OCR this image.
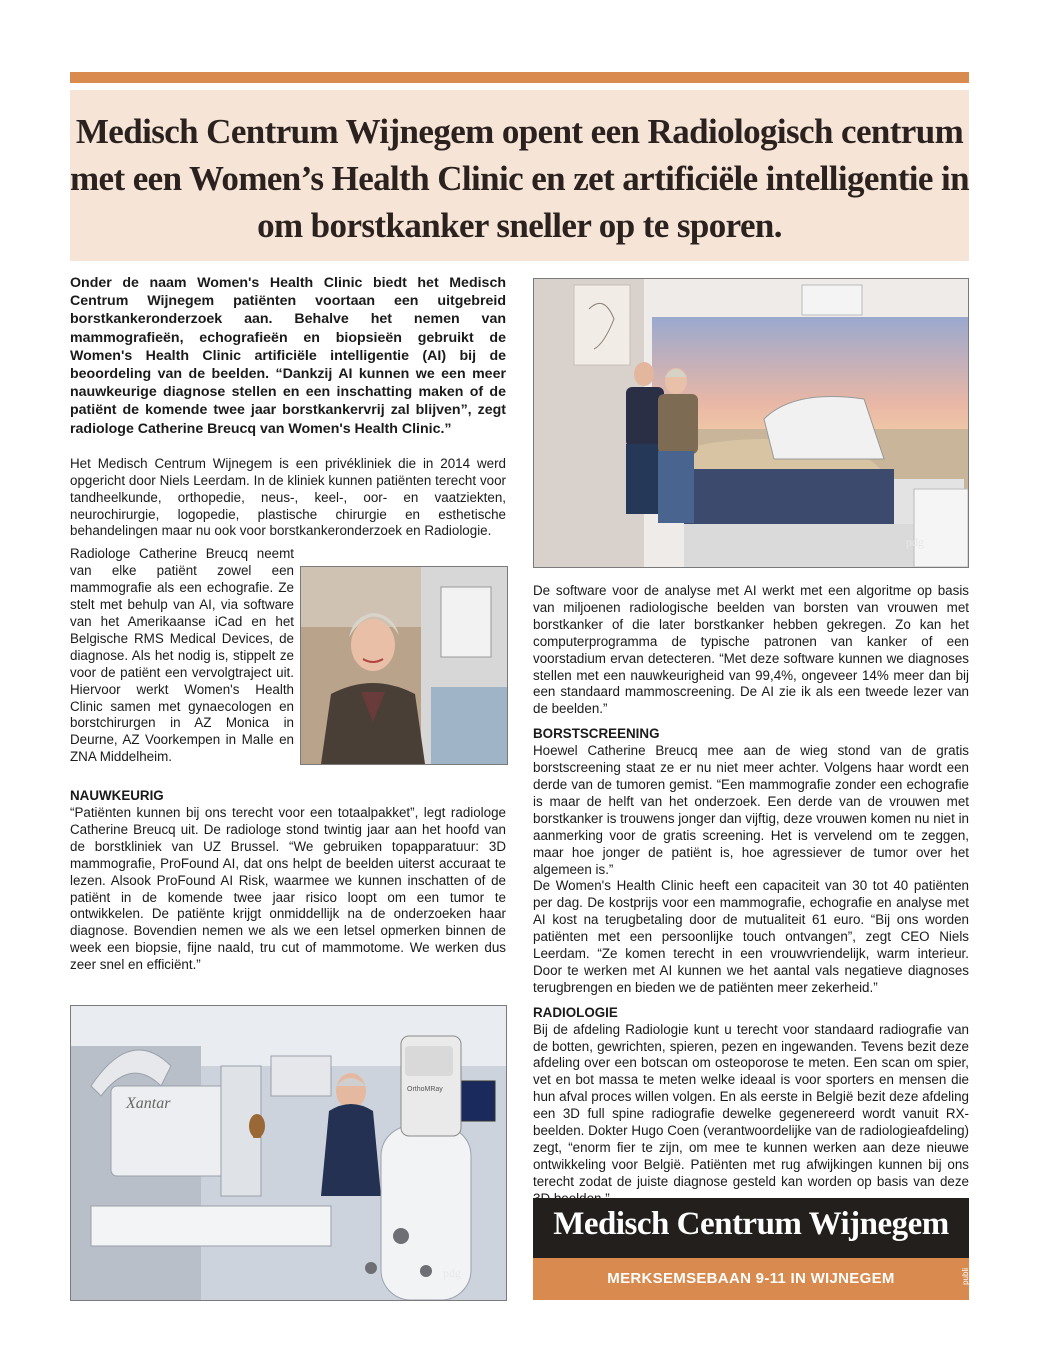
Medisch Centrum Wijnegem opent een Radiologisch centrum met een Women’s Health Clinic en zet artificiële intelligentie in om borstkanker sneller op te sporen.

Onder de naam Women's Health Clinic biedt het Medisch Centrum Wijnegem patiënten voortaan een uitgebreid borstkankeronderzoek aan. Behalve het nemen van mammografieën, echografieën en biopsieën gebruikt de Women's Health Clinic artificiële intelligentie (AI) bij de beoordeling van de beelden. “Dankzij AI kunnen we een meer nauwkeurige diagnose stellen en een inschatting maken of de patiënt de komende twee jaar borstkankervrij zal blijven”, zegt radiologe Catherine Breucq van Women's Health Clinic.”

Het Medisch Centrum Wijnegem is een privékliniek die in 2014 werd opgericht door Niels Leerdam. In de kliniek kunnen patiënten terecht voor tandheelkunde, orthopedie, neus-, keel-, oor- en vaatziekten, neurochirurgie, logopedie, plastische chirurgie en esthetische behandelingen maar nu ook voor borstkankeronderzoek en Radiologie.

Radiologe Catherine Breucq neemt van elke patiënt zowel een mammografie als een echografie. Ze stelt met behulp van AI, via software van het Amerikaanse iCad en het Belgische RMS Medical Devices, de diagnose. Als het nodig is, stippelt ze voor de patiënt een vervolgtraject uit. Hiervoor werkt Women's Health Clinic samen met gynaecologen en borstchirurgen in AZ Monica in Deurne, AZ Voorkempen in Malle en ZNA Middelheim.

NAUWKEURIG

“Patiënten kunnen bij ons terecht voor een totaalpakket”, legt radiologe Catherine Breucq uit. De radiologe stond twintig jaar aan het hoofd van de borstkliniek van UZ Brussel. “We gebruiken topapparatuur: 3D mammografie, ProFound AI, dat ons helpt de beelden uiterst accuraat te lezen. Alsook ProFound AI Risk, waarmee we kunnen inschatten of de patiënt in de komende twee jaar risico loopt om een tumor te ontwikkelen. De patiënte krijgt onmiddellijk na de onderzoeken haar diagnose. Bovendien nemen we als we een letsel opmerken binnen de week een biopsie, fijne naald, tru cut of mammotome. We werken dus zeer snel en efficiënt.”

De software voor de analyse met AI werkt met een algoritme op basis van miljoenen radiologische beelden van borsten van vrouwen met borstkanker of die later borstkanker hebben gekregen. Zo kan het computerprogramma de typische patronen van kanker of een voorstadium ervan detecteren. “Met deze software kunnen we diagnoses stellen met een nauwkeurigheid van 99,4%, ongeveer 14% meer dan bij een standaard mammoscreening. De AI zie ik als een tweede lezer van de beelden.”

BORSTSCREENING

Hoewel Catherine Breucq mee aan de wieg stond van de gratis borstscreening staat ze er nu niet meer achter. Volgens haar wordt een derde van de tumoren gemist. “Een mammografie zonder een echografie is maar de helft van het onderzoek. Een derde van de vrouwen met borstkanker is trouwens jonger dan vijftig, deze vrouwen komen nu niet in aanmerking voor de gratis screening. Het is vervelend om te zeggen, maar hoe jonger de patiënt is, hoe agressiever de tumor over het algemeen is.”

De Women's Health Clinic heeft een capaciteit van 30 tot 40 patiënten per dag. De kostprijs voor een mammografie, echografie en analyse met AI kost na terugbetaling door de mutualiteit 61 euro. “Bij ons worden patiënten met een persoonlijke touch ontvangen”, zegt CEO Niels Leerdam. “Ze komen terecht in een vrouwvriendelijk, warm interieur. Door te werken met AI kunnen we het aantal vals negatieve diagnoses terugbrengen en bieden we de patiënten meer zekerheid.”

RADIOLOGIE

Bij de afdeling Radiologie kunt u terecht voor standaard radiografie van de botten, gewrichten, spieren, pezen en ingewanden. Tevens bezit deze afdeling over een botscan om osteoporose te meten. Een scan om spier, vet en bot massa te meten welke ideaal is voor sporters en mensen die hun afval proces willen volgen. En als eerste in België bezit deze afdeling een 3D full spine radiografie dewelke gegenereerd wordt vanuit RX-beelden. Dokter Hugo Coen (verantwoordelijke van de radiologieafdeling) zegt, “enorm fier te zijn, om mee te kunnen werken aan deze nieuwe ontwikkeling voor België. Patiënten met rug afwijkingen kunnen bij ons terecht zodat de juiste diagnose gesteld kan worden op basis van deze

pdg
Xantar
OrthoMRay
pdg
Medisch Centrum Wijnegem
MERKSEMSEBAAN 9-11 IN WIJNEGEM	publi
